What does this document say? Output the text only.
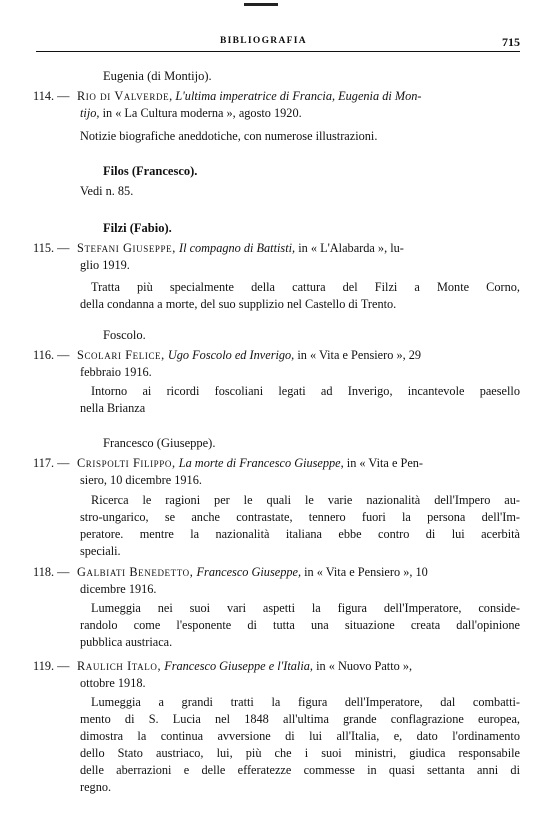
BIBLIOGRAFIA	715
Eugenia (di Montijo).
114. — Rio di Valverde, L'ultima imperatrice di Francia, Eugenia di Mon-
tijo, in « La Cultura moderna », agosto 1920.
Notizie biografiche aneddotiche, con numerose illustrazioni.
Filos (Francesco).
Vedi n. 85.
Filzi (Fabio).
115. — Stefani Giuseppe, Il compagno di Battisti, in « L'Alabarda », lu-
glio 1919.
Tratta più specialmente della cattura del Filzi a Monte Corno,
della condanna a morte, del suo supplizio nel Castello di Trento.
Foscolo.
116. — Scolari Felice, Ugo Foscolo ed Inverigo, in « Vita e Pensiero », 29
febbraio 1916.
Intorno ai ricordi foscoliani legati ad Inverigo, incantevole paesello
nella Brianza
Francesco (Giuseppe).
117. — Crispolti Filippo, La morte di Francesco Giuseppe, in « Vita e Pen-
siero, 10 dicembre 1916.
Ricerca le ragioni per le quali le varie nazionalità dell'Impero au-
stro-ungarico, se anche contrastate, tennero fuori la persona dell'Im-
peratore. mentre la nazionalità italiana ebbe contro di lui acerbità
speciali.
118. — Galbiati Benedetto, Francesco Giuseppe, in « Vita e Pensiero », 10
dicembre 1916.
Lumeggia nei suoi vari aspetti la figura dell'Imperatore, conside-
randolo come l'esponente di tutta una situazione creata dall'opinione
pubblica austriaca.
119. — Raulich Italo, Francesco Giuseppe e l'Italia, in « Nuovo Patto »,
ottobre 1918.
Lumeggia a grandi tratti la figura dell'Imperatore, dal combatti-
mento di S. Lucia nel 1848 all'ultima grande conflagrazione europea,
dimostra la continua avversione di lui all'Italia, e, dato l'ordinamento
dello Stato austriaco, lui, più che i suoi ministri, giudica responsabile
delle aberrazioni e delle efferatezze commesse in quasi settanta anni di
regno.
